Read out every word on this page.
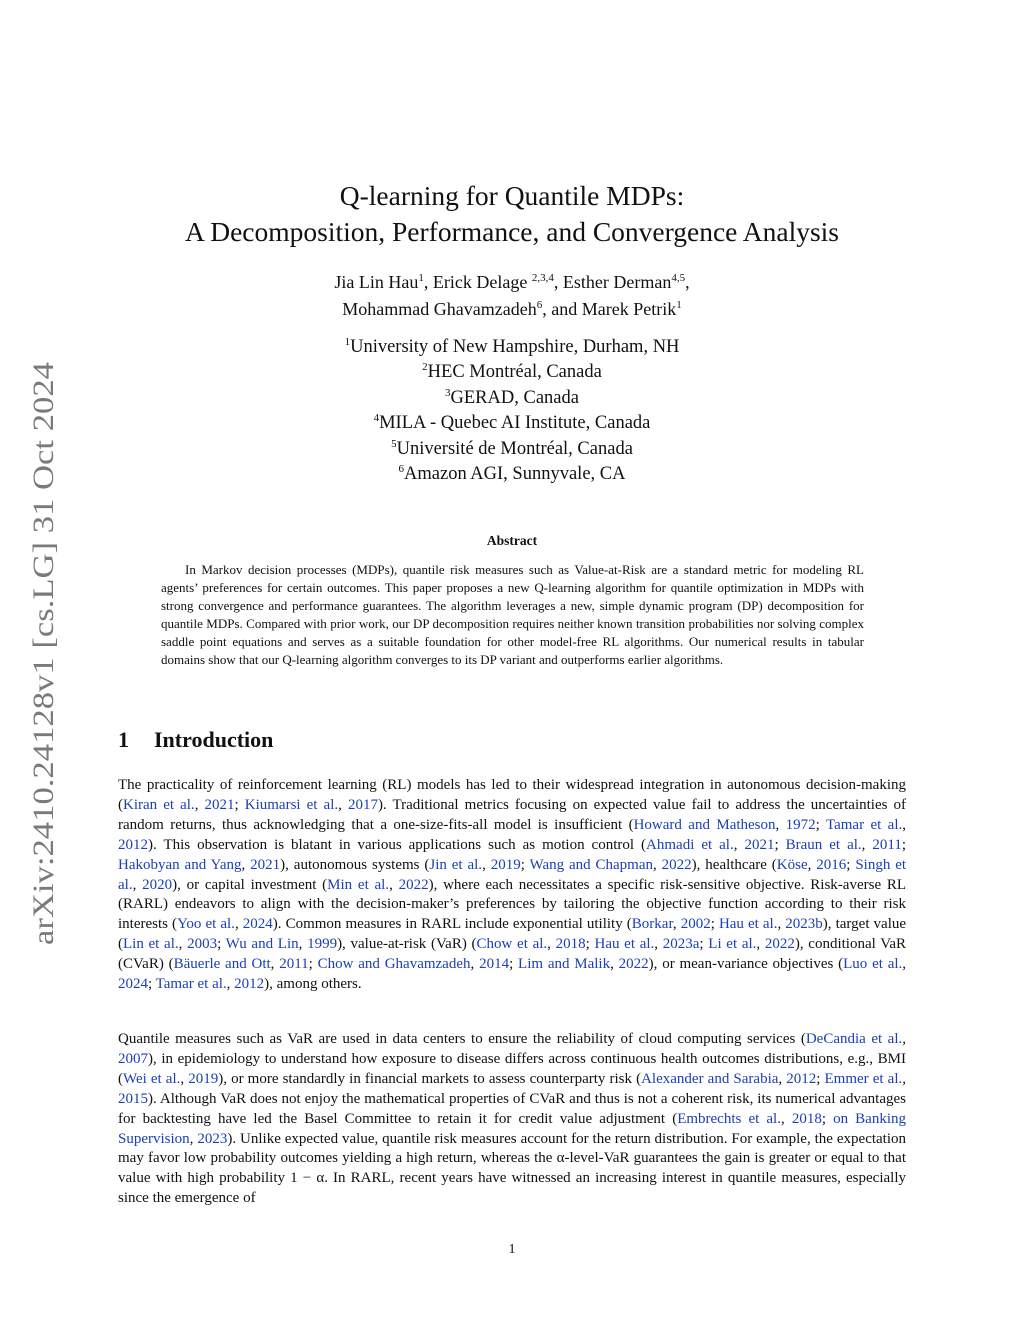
arXiv:2410.24128v1 [cs.LG] 31 Oct 2024
Q-learning for Quantile MDPs:
A Decomposition, Performance, and Convergence Analysis
Jia Lin Hau$^1$, Erick Delage $^{2,3,4}$, Esther Derman$^{4,5}$,
Mohammad Ghavamzadeh$^6$, and Marek Petrik$^1$
$^1$University of New Hampshire, Durham, NH
$^2$HEC Montréal, Canada
$^3$GERAD, Canada
$^4$MILA - Quebec AI Institute, Canada
$^5$Université de Montréal, Canada
$^6$Amazon AGI, Sunnyvale, CA
Abstract
In Markov decision processes (MDPs), quantile risk measures such as Value-at-Risk are a standard metric for modeling RL agents’ preferences for certain outcomes. This paper proposes a new Q-learning algorithm for quantile optimization in MDPs with strong convergence and performance guarantees. The algorithm leverages a new, simple dynamic program (DP) decomposition for quantile MDPs. Compared with prior work, our DP decomposition requires neither known transition probabilities nor solving complex saddle point equations and serves as a suitable foundation for other model-free RL algorithms. Our numerical results in tabular domains show that our Q-learning algorithm converges to its DP variant and outperforms earlier algorithms.
1 Introduction
The practicality of reinforcement learning (RL) models has led to their widespread integration in autonomous decision-making (Kiran et al., 2021; Kiumarsi et al., 2017). Traditional metrics focusing on expected value fail to address the uncertainties of random returns, thus acknowledging that a one-size-fits-all model is insufficient (Howard and Matheson, 1972; Tamar et al., 2012). This observation is blatant in various applications such as motion control (Ahmadi et al., 2021; Braun et al., 2011; Hakobyan and Yang, 2021), autonomous systems (Jin et al., 2019; Wang and Chapman, 2022), healthcare (Köse, 2016; Singh et al., 2020), or capital investment (Min et al., 2022), where each necessitates a specific risk-sensitive objective. Risk-averse RL (RARL) endeavors to align with the decision-maker’s preferences by tailoring the objective function according to their risk interests (Yoo et al., 2024). Common measures in RARL include exponential utility (Borkar, 2002; Hau et al., 2023b), target value (Lin et al., 2003; Wu and Lin, 1999), value-at-risk (VaR) (Chow et al., 2018; Hau et al., 2023a; Li et al., 2022), conditional VaR (CVaR) (Bäuerle and Ott, 2011; Chow and Ghavamzadeh, 2014; Lim and Malik, 2022), or mean-variance objectives (Luo et al., 2024; Tamar et al., 2012), among others.
Quantile measures such as VaR are used in data centers to ensure the reliability of cloud computing services (DeCandia et al., 2007), in epidemiology to understand how exposure to disease differs across continuous health outcomes distributions, e.g., BMI (Wei et al., 2019), or more standardly in financial markets to assess counterparty risk (Alexander and Sarabia, 2012; Emmer et al., 2015). Although VaR does not enjoy the mathematical properties of CVaR and thus is not a coherent risk, its numerical advantages for backtesting have led the Basel Committee to retain it for credit value adjustment (Embrechts et al., 2018; on Banking Supervision, 2023). Unlike expected value, quantile risk measures account for the return distribution. For example, the expectation may favor low probability outcomes yielding a high return, whereas the α-level-VaR guarantees the gain is greater or equal to that value with high probability 1 − α. In RARL, recent years have witnessed an increasing interest in quantile measures, especially since the emergence of
1
